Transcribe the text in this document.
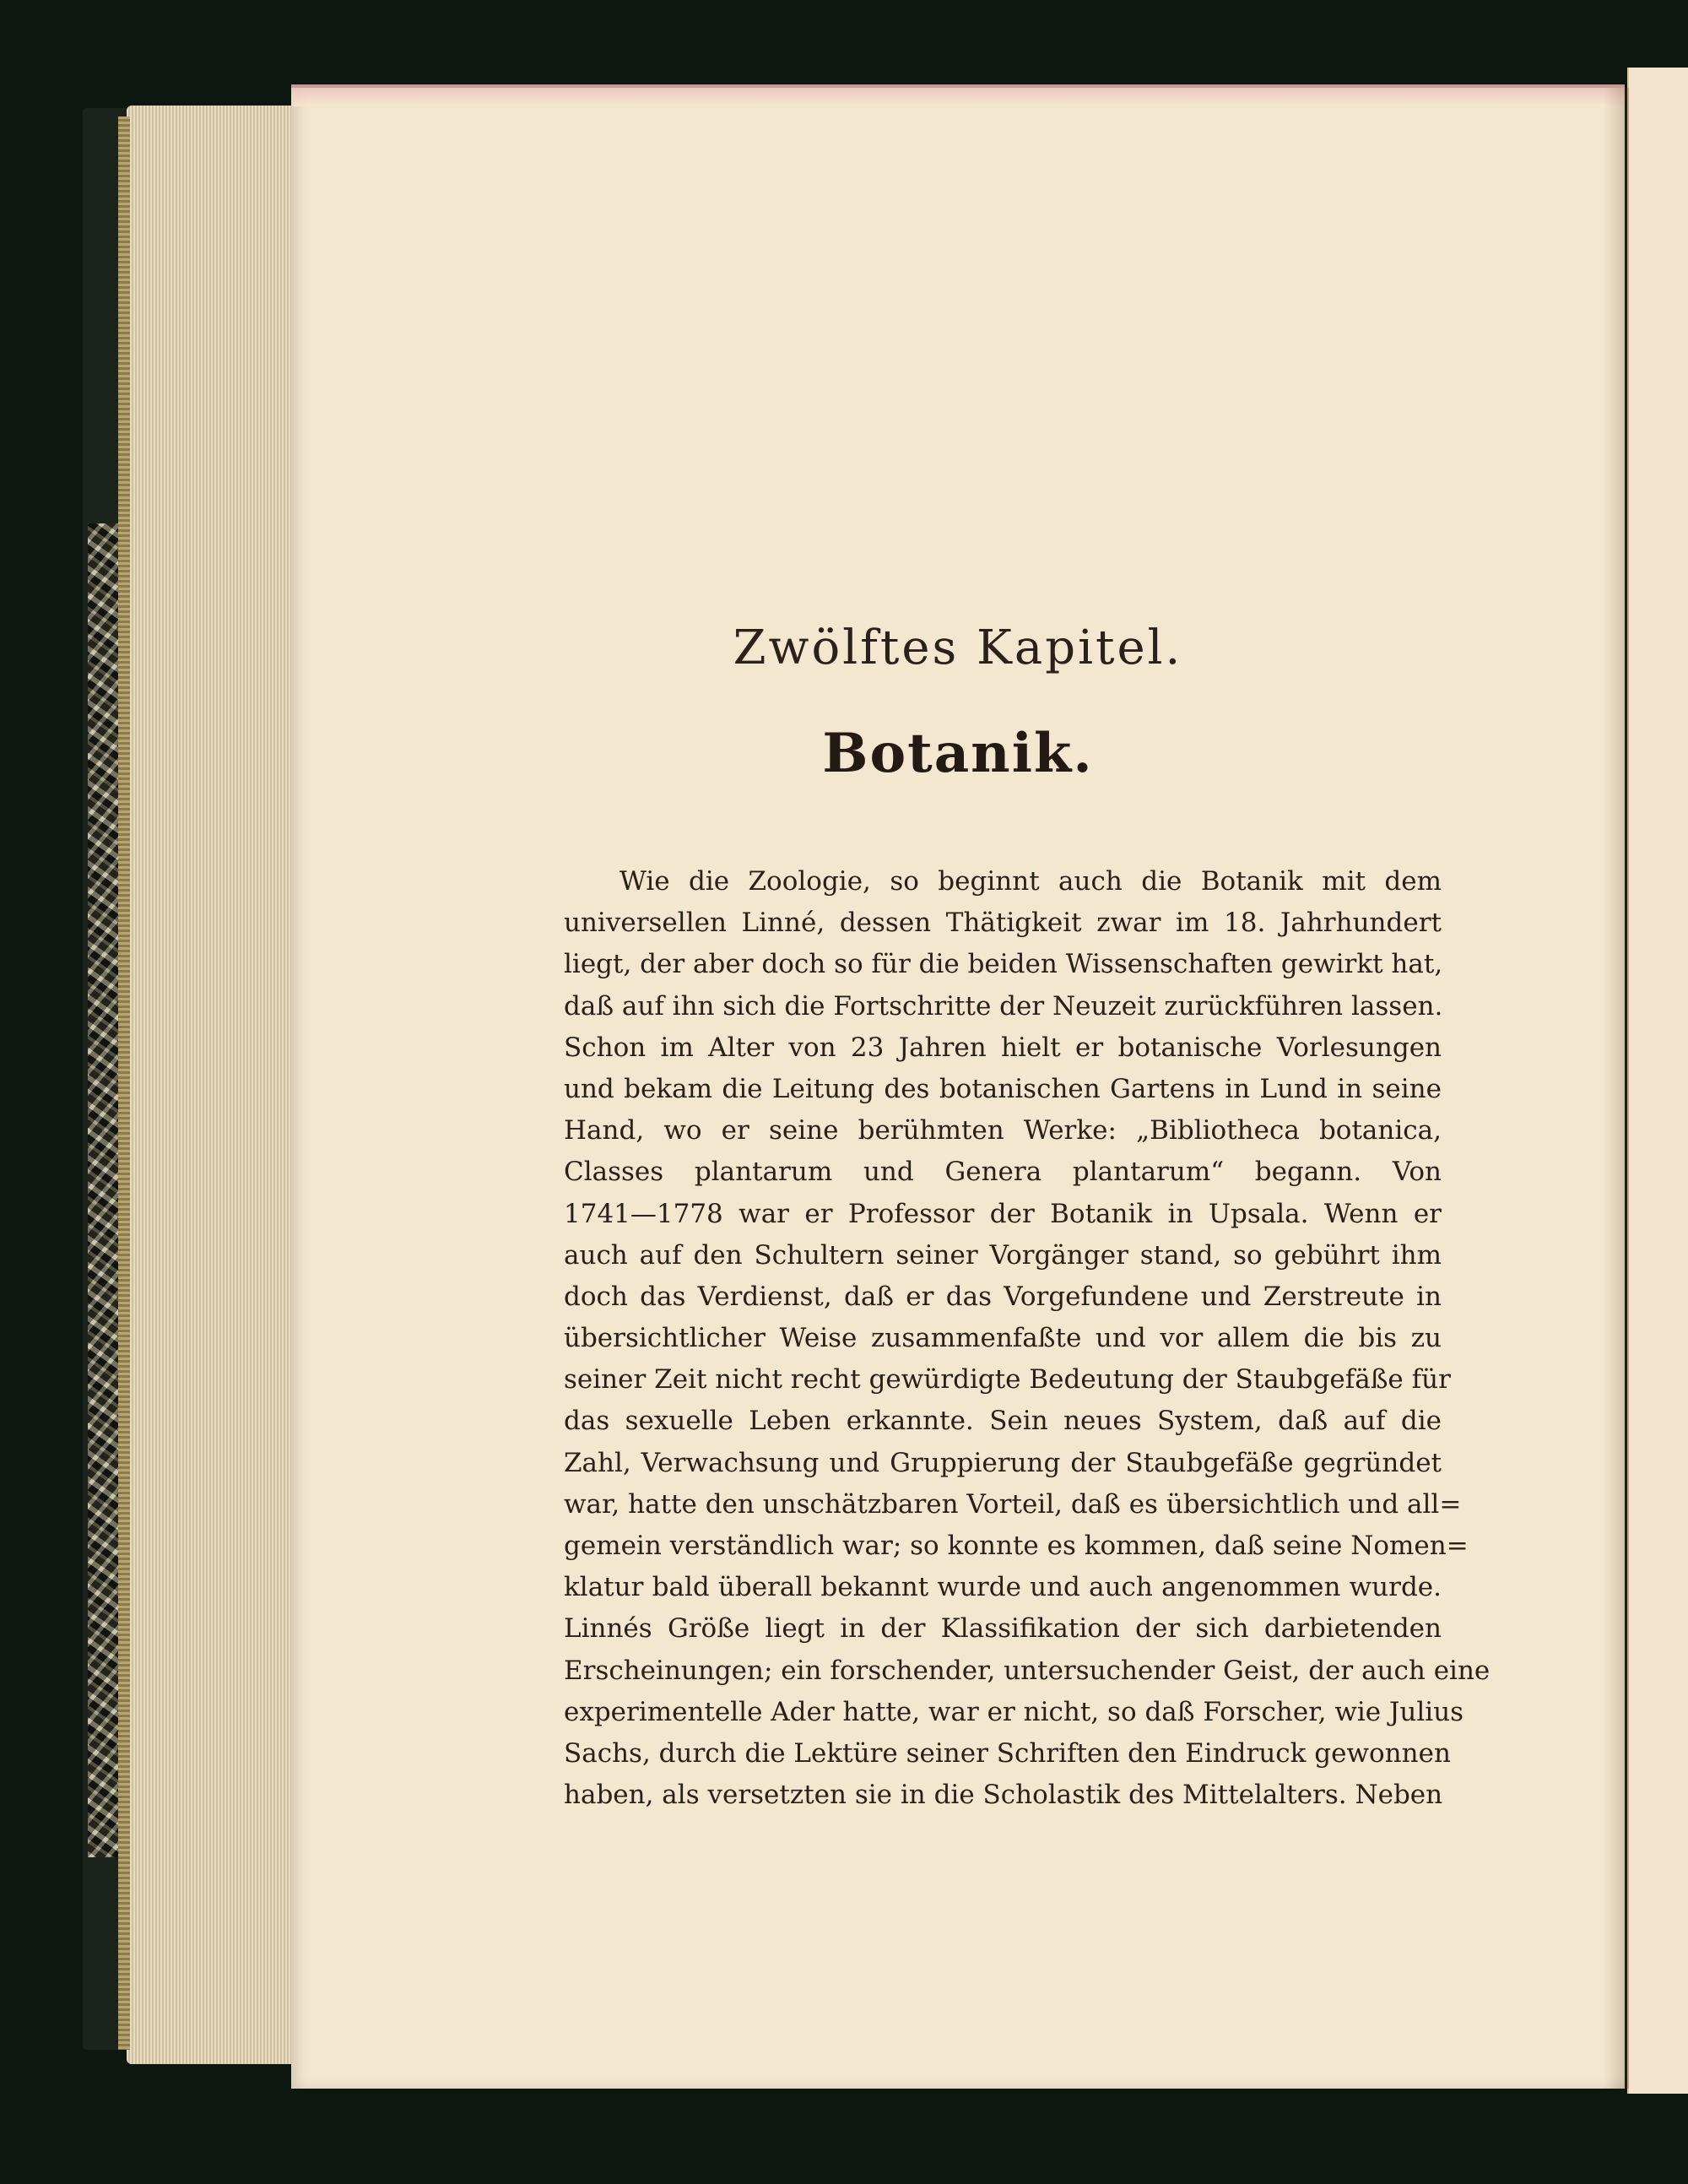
Zwölftes Kapitel.
Botanik.
Wie die Zoologie, so beginnt auch die Botanik mit dem
universellen Linné, dessen Thätigkeit zwar im 18. Jahrhundert
liegt, der aber doch so für die beiden Wissenschaften gewirkt hat,
daß auf ihn sich die Fortschritte der Neuzeit zurückführen lassen.
Schon im Alter von 23 Jahren hielt er botanische Vorlesungen
und bekam die Leitung des botanischen Gartens in Lund in seine
Hand, wo er seine berühmten Werke: „Bibliotheca botanica,
Classes plantarum und Genera plantarum“ begann. Von
1741—1778 war er Professor der Botanik in Upsala. Wenn er
auch auf den Schultern seiner Vorgänger stand, so gebührt ihm
doch das Verdienst, daß er das Vorgefundene und Zerstreute in
übersichtlicher Weise zusammenfaßte und vor allem die bis zu
seiner Zeit nicht recht gewürdigte Bedeutung der Staubgefäße für
das sexuelle Leben erkannte. Sein neues System, daß auf die
Zahl, Verwachsung und Gruppierung der Staubgefäße gegründet
war, hatte den unschätzbaren Vorteil, daß es übersichtlich und all=
gemein verständlich war; so konnte es kommen, daß seine Nomen=
klatur bald überall bekannt wurde und auch angenommen wurde.
Linnés Größe liegt in der Klassifikation der sich darbietenden
Erscheinungen; ein forschender, untersuchender Geist, der auch eine
experimentelle Ader hatte, war er nicht, so daß Forscher, wie Julius
Sachs, durch die Lektüre seiner Schriften den Eindruck gewonnen
haben, als versetzten sie in die Scholastik des Mittelalters. Neben
